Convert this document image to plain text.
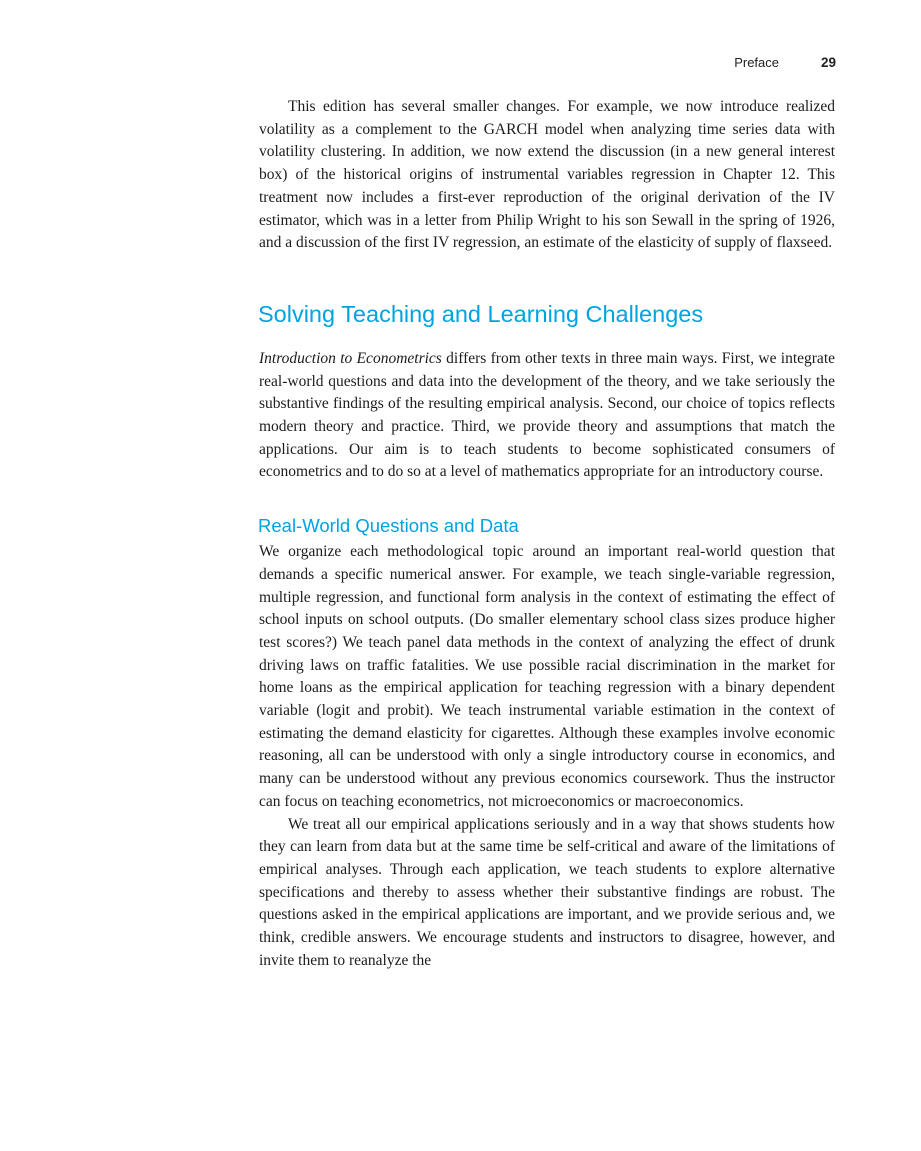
Preface	29

This edition has several smaller changes. For example, we now introduce realized volatility as a complement to the GARCH model when analyzing time series data with volatility clustering. In addition, we now extend the discussion (in a new general interest box) of the historical origins of instrumental variables regression in Chapter 12. This treatment now includes a first-ever reproduction of the original derivation of the IV estimator, which was in a letter from Philip Wright to his son Sewall in the spring of 1926, and a discussion of the first IV regression, an estimate of the elasticity of supply of flaxseed.

Solving Teaching and Learning Challenges

Introduction to Econometrics differs from other texts in three main ways. First, we integrate real-world questions and data into the development of the theory, and we take seriously the substantive findings of the resulting empirical analysis. Second, our choice of topics reflects modern theory and practice. Third, we provide theory and assumptions that match the applications. Our aim is to teach students to become sophisticated consumers of econometrics and to do so at a level of mathematics appropriate for an introductory course.

Real-World Questions and Data

We organize each methodological topic around an important real-world question that demands a specific numerical answer. For example, we teach single-variable regression, multiple regression, and functional form analysis in the context of estimating the effect of school inputs on school outputs. (Do smaller elementary school class sizes produce higher test scores?) We teach panel data methods in the context of analyzing the effect of drunk driving laws on traffic fatalities. We use possible racial discrimination in the market for home loans as the empirical application for teaching regression with a binary dependent variable (logit and probit). We teach instrumental variable estimation in the context of estimating the demand elasticity for cigarettes. Although these examples involve economic reasoning, all can be understood with only a single introductory course in economics, and many can be understood without any previous economics coursework. Thus the instructor can focus on teaching econometrics, not microeconomics or macroeconomics.

We treat all our empirical applications seriously and in a way that shows students how they can learn from data but at the same time be self-critical and aware of the limitations of empirical analyses. Through each application, we teach students to explore alternative specifications and thereby to assess whether their substantive findings are robust. The questions asked in the empirical applications are important, and we provide serious and, we think, credible answers. We encourage students and instructors to disagree, however, and invite them to reanalyze the
